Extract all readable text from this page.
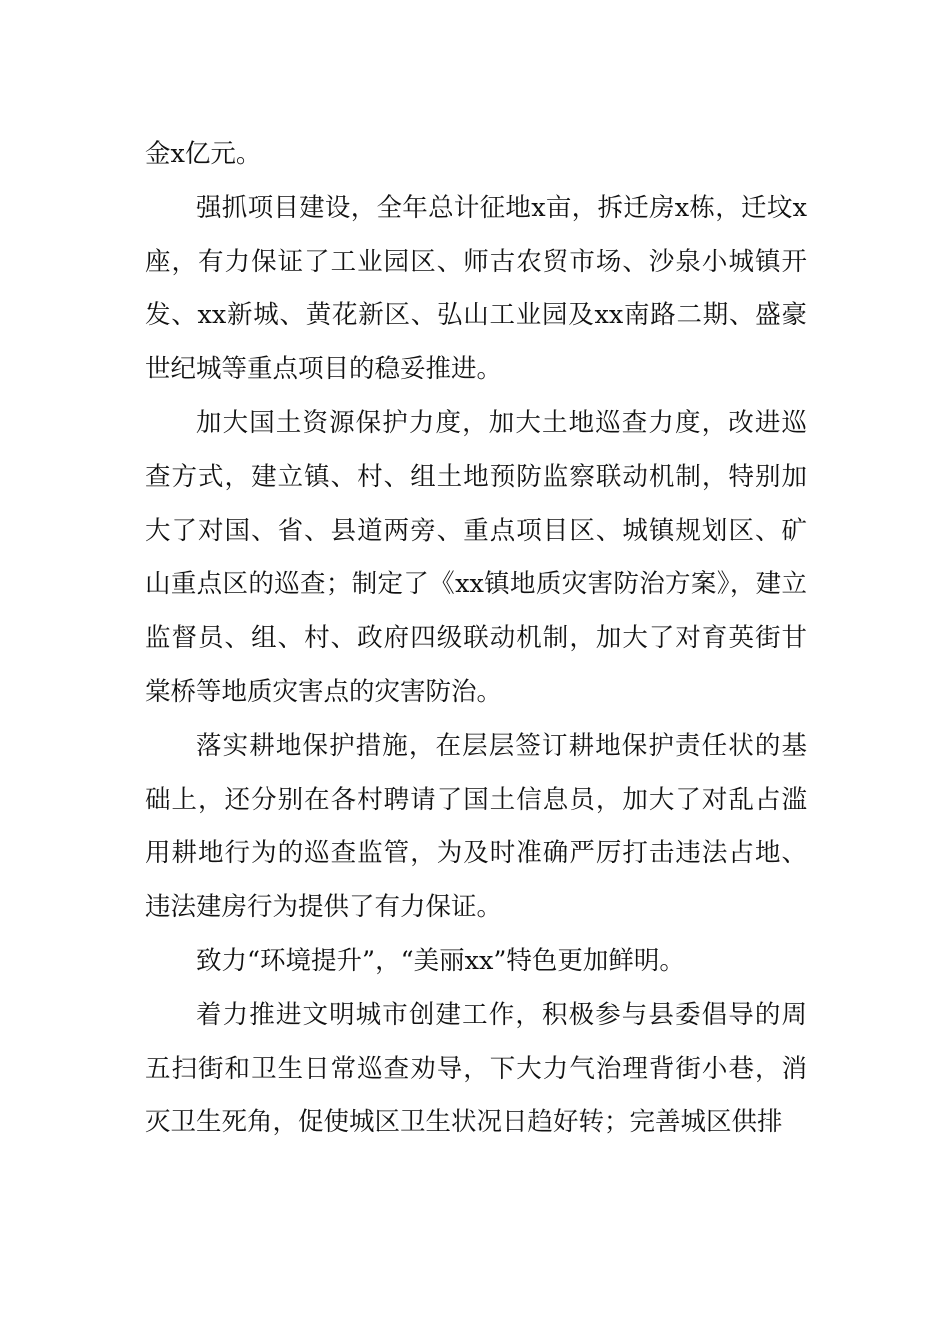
金x亿元。

强抓项目建设，全年总计征地x亩，拆迁房x栋，迁坟x座，有力保证了工业园区、师古农贸市场、沙泉小城镇开发、xx新城、黄花新区、弘山工业园及xx南路二期、盛豪世纪城等重点项目的稳妥推进。

加大国土资源保护力度，加大土地巡查力度，改进巡查方式，建立镇、村、组土地预防监察联动机制，特别加大了对国、省、县道两旁、重点项目区、城镇规划区、矿山重点区的巡查；制定了《xx镇地质灾害防治方案》，建立监督员、组、村、政府四级联动机制，加大了对育英街甘棠桥等地质灾害点的灾害防治。

落实耕地保护措施，在层层签订耕地保护责任状的基础上，还分别在各村聘请了国土信息员，加大了对乱占滥用耕地行为的巡查监管，为及时准确严厉打击违法占地、违法建房行为提供了有力保证。

致力“环境提升”，“美丽xx”特色更加鲜明。

着力推进文明城市创建工作，积极参与县委倡导的周五扫街和卫生日常巡查劝导，下大力气治理背街小巷，消灭卫生死角，促使城区卫生状况日趋好转；完善城区供排
